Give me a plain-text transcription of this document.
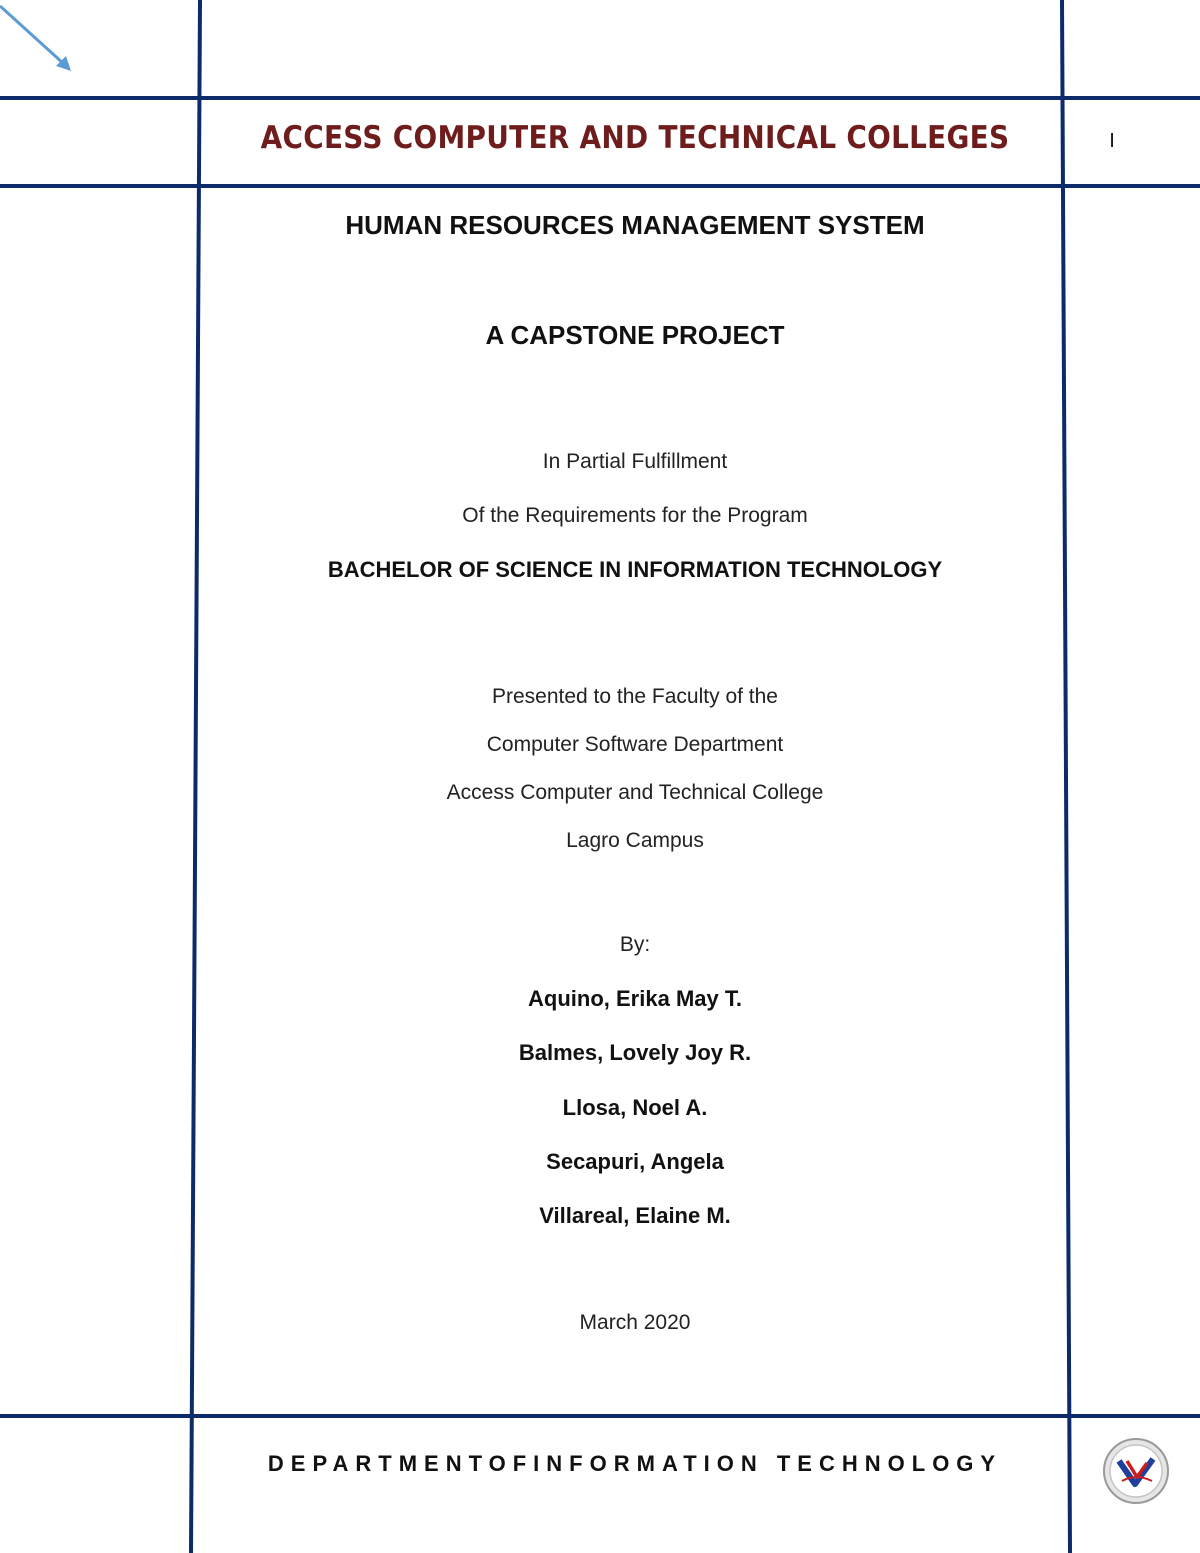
ACCESS COMPUTER AND TECHNICAL COLLEGES	I
HUMAN RESOURCES MANAGEMENT SYSTEM
A CAPSTONE PROJECT
In Partial Fulfillment
Of the Requirements for the Program
BACHELOR OF SCIENCE IN INFORMATION TECHNOLOGY
Presented to the Faculty of the
Computer Software Department
Access Computer and Technical College
Lagro Campus
By:
Aquino, Erika May T.
Balmes, Lovely Joy R.
Llosa, Noel A.
Secapuri, Angela
Villareal, Elaine M.
March 2020
DEPARTMENTOFINFORMATION TECHNOLOGY
